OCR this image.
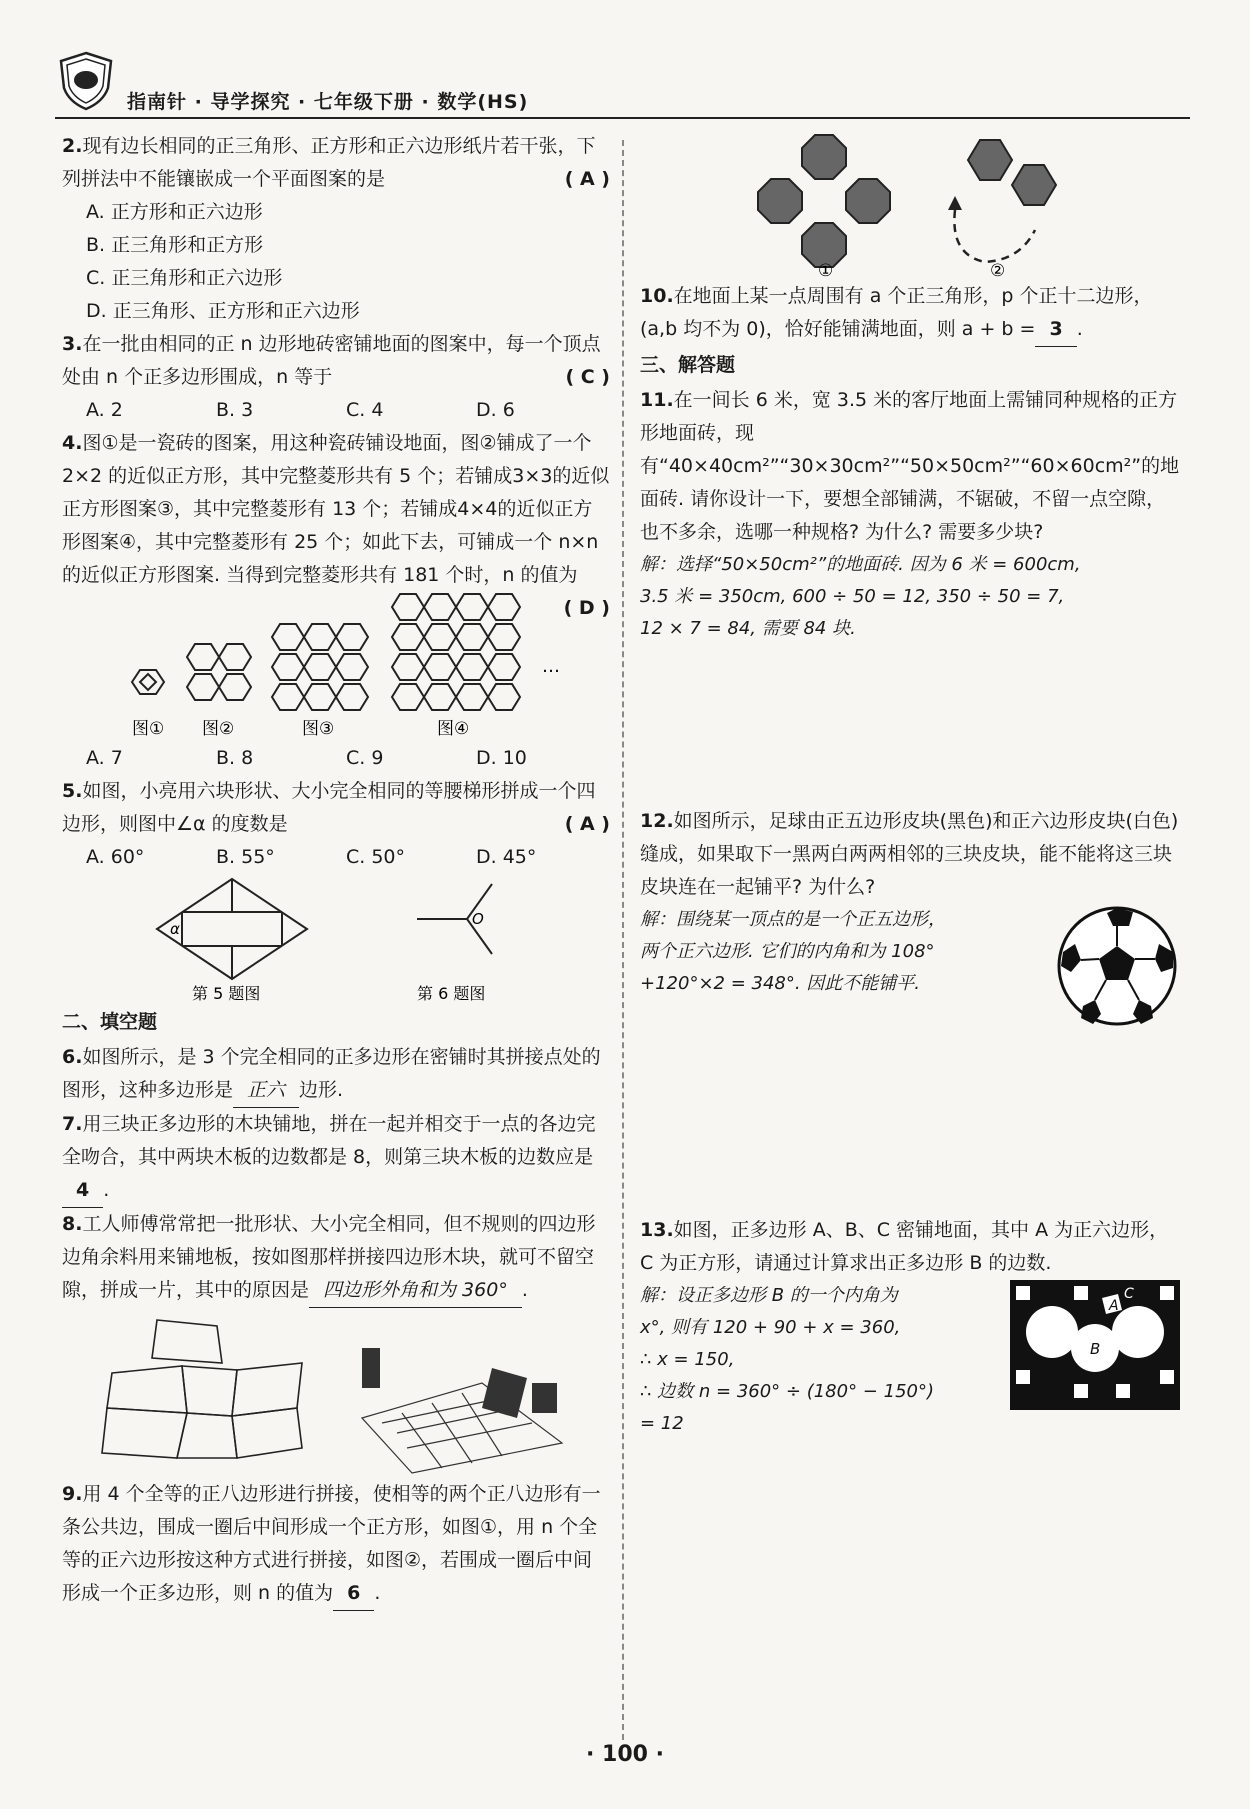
指南针 · 导学探究 · 七年级下册 · 数学(HS)
2.现有边长相同的正三角形、正方形和正六边形纸片若干张，下列拼法中不能镶嵌成一个平面图案的是	( A )
A. 正方形和正六边形
B. 正三角形和正方形
C. 正三角形和正六边形
D. 正三角形、正方形和正六边形
3.在一批由相同的正 n 边形地砖密铺地面的图案中，每一个顶点处由 n 个正多边形围成，n 等于	( C )
A. 2	B. 3	C. 4	D. 6
4.图①是一瓷砖的图案，用这种瓷砖铺设地面，图②铺成了一个 2×2 的近似正方形，其中完整菱形共有 5 个；若铺成3×3的近似正方形图案③，其中完整菱形有 13 个；若铺成4×4的近似正方形图案④，其中完整菱形有 25 个；如此下去，可铺成一个 n×n 的近似正方形图案. 当得到完整菱形共有 181 个时，n 的值为
( D )
…
图① 图②	图③	图④
A. 7	B. 8	C. 9	D. 10
5.如图，小亮用六块形状、大小完全相同的等腰梯形拼成一个四边形，则图中∠α 的度数是	( A )
A. 60°	B. 55°	C. 50°	D. 45°
α
O
第 5 题图	第 6 题图
二、填空题
6.如图所示，是 3 个完全相同的正多边形在密铺时其拼接点处的图形，这种多边形是 正六 边形.
7.用三块正多边形的木块铺地，拼在一起并相交于一点的各边完全吻合，其中两块木板的边数都是 8，则第三块木板的边数应是4 .
8.工人师傅常常把一批形状、大小完全相同，但不规则的四边形边角余料用来铺地板，按如图那样拼接四边形木块，就可不留空隙，拼成一片，其中的原因是 四边形外角和为 360° .
9.用 4 个全等的正八边形进行拼接，使相等的两个正八边形有一条公共边，围成一圈后中间形成一个正方形，如图①，用 n 个全等的正六边形按这种方式进行拼接，如图②，若围成一圈后中间形成一个正多边形，则 n 的值为 6 .
①	②
10.在地面上某一点周围有 a 个正三角形，p 个正十二边形，(a,b 均不为 0)，恰好能铺满地面，则 a + b = 3 .
三、解答题
11.在一间长 6 米，宽 3.5 米的客厅地面上需铺同种规格的正方形地面砖，现有“40×40cm²”“30×30cm²”“50×50cm²”“60×60cm²”的地面砖. 请你设计一下，要想全部铺满，不锯破，不留一点空隙，也不多余，选哪一种规格? 为什么? 需要多少块?
解：选择“50×50cm²”的地面砖. 因为 6 米 = 600cm,
3.5 米 = 350cm, 600 ÷ 50 = 12, 350 ÷ 50 = 7,
12 × 7 = 84, 需要 84 块.
12.如图所示，足球由正五边形皮块(黑色)和正六边形皮块(白色)缝成，如果取下一黑两白两两相邻的三块皮块，能不能将这三块皮块连在一起铺平? 为什么?
解：围绕某一顶点的是一个正五边形，
两个正六边形. 它们的内角和为 108°
+120°×2 = 348°. 因此不能铺平.
13.如图，正多边形 A、B、C 密铺地面，其中 A 为正六边形，C 为正方形，请通过计算求出正多边形 B 的边数.
解：设正多边形 B 的一个内角为
x°, 则有 120 + 90 + x = 360,
∴ x = 150,
∴ 边数 n = 360° ÷ (180° − 150°)
= 12
A
B
C
· 100 ·
